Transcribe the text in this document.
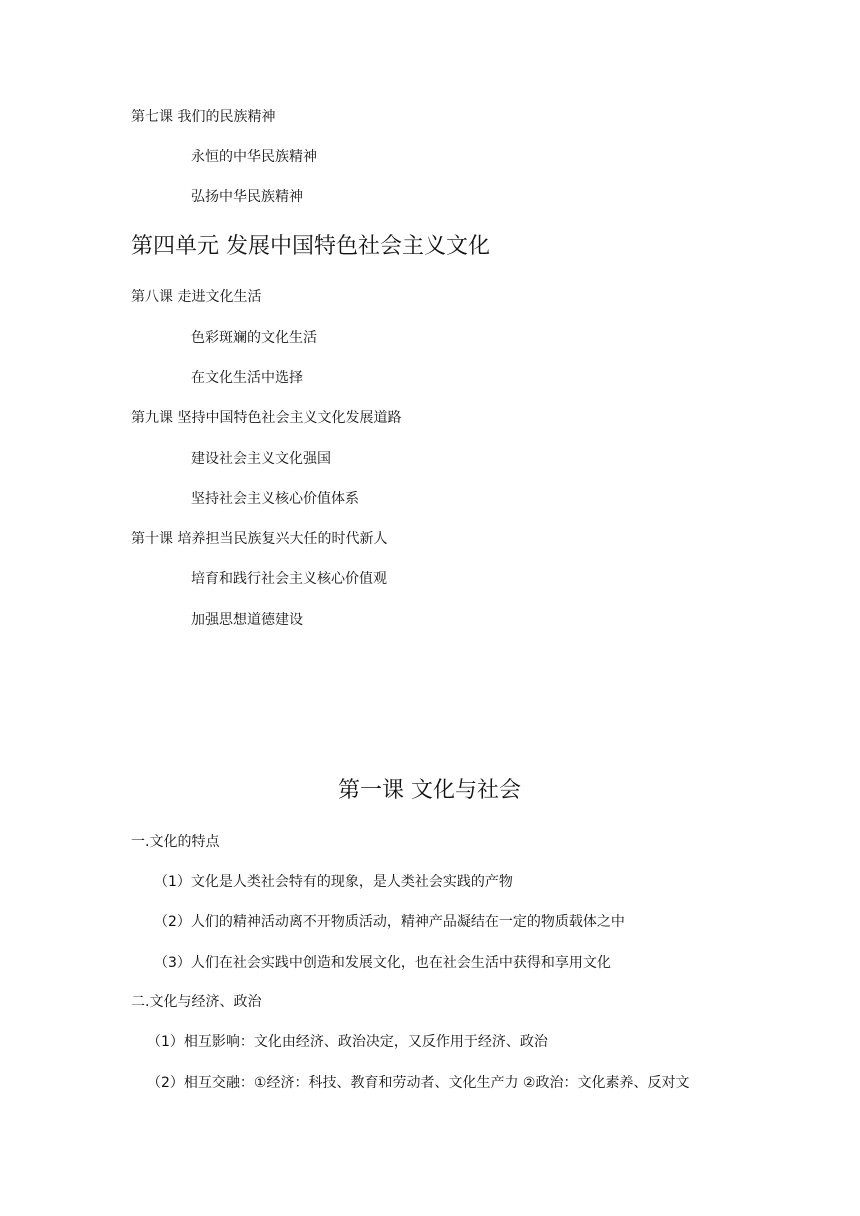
第七课 我们的民族精神
永恒的中华民族精神
弘扬中华民族精神
第四单元 发展中国特色社会主义文化
第八课 走进文化生活
色彩斑斓的文化生活
在文化生活中选择
第九课 坚持中国特色社会主义文化发展道路
建设社会主义文化强国
坚持社会主义核心价值体系
第十课 培养担当民族复兴大任的时代新人
培育和践行社会主义核心价值观
加强思想道德建设
第一课 文化与社会
一.文化的特点
（1）文化是人类社会特有的现象，是人类社会实践的产物
（2）人们的精神活动离不开物质活动，精神产品凝结在一定的物质载体之中
（3）人们在社会实践中创造和发展文化，也在社会生活中获得和享用文化
二.文化与经济、政治
（1）相互影响：文化由经济、政治决定，又反作用于经济、政治
（2）相互交融：①经济：科技、教育和劳动者、文化生产力 ②政治：文化素养、反对文
